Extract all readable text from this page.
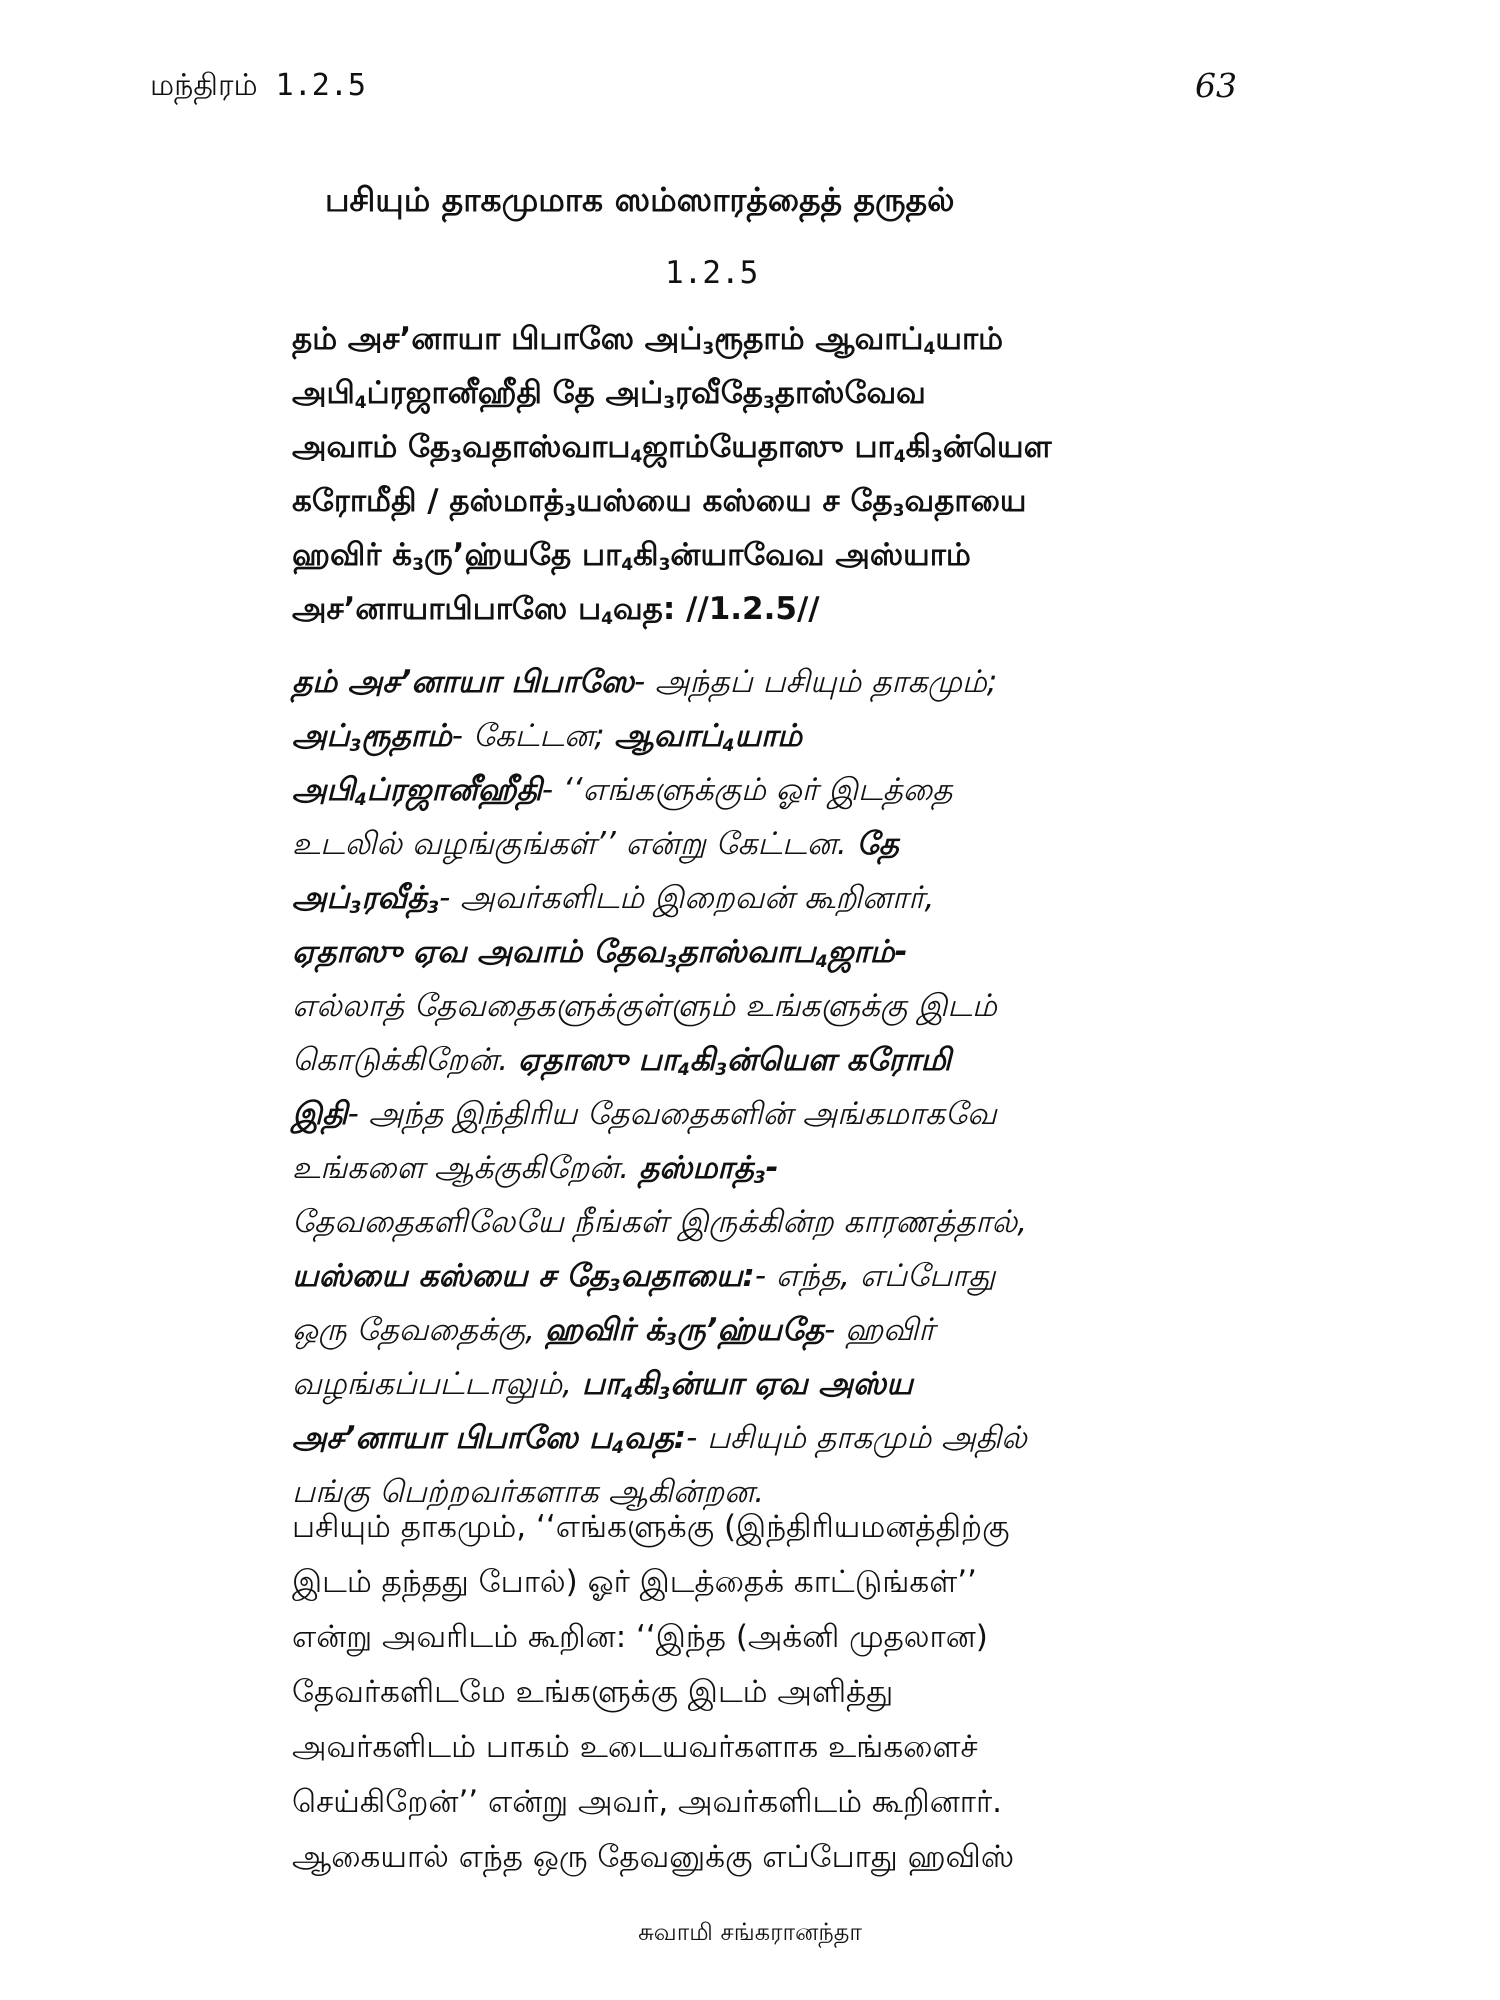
மந்திரம் 1.2.5	63
பசியும் தாகமுமாக ஸம்ஸாரத்தைத் தருதல்
1.2.5
தம் அச’னாயா பிபாஸே $அப்_3ரூதாம்$ $ஆவாப்_4யாம்$
$அபி_4ப்ரஜானீஹீதி$ தே $அப்_3ரவீதே_3தாஸ்வேவ$
அவாம் $தே_3வதாஸ்வாப_4ஜாம்யேதாஸு$ $பா_4கி_3ன்யௌ$
கரோமீதி / $தஸ்மாத்_3யஸ்யை$ கஸ்யை ச $தே_3வதாயை$
ஹவிர் $க்_3ரு’ஹ்யதே$ $பா_4கி_3ன்யாவேவ$ அஸ்யாம்
அச’னாயாபிபாஸே ப$_4$வத: //1.2.5//
தம் அச’னாயா பிபாஸே- அந்தப் பசியும் தாகமும்;
$அப்_3ரூதாம்-$ கேட்டன; $ஆவாப்_4யாம்$
$அபி_4ப்ரஜானீஹீதி-$ ‘‘எங்களுக்கும் ஓர் இடத்தை
உடலில் வழங்குங்கள்’’ என்று கேட்டன. தே
$அப்_3ரவீத்_3-$ அவர்களிடம் இறைவன் கூறினார்,
ஏதாஸு ஏவ அவாம் தேவ$_3$தாஸ்வாப$_4$ஜாம்-
எல்லாத் தேவதைகளுக்குள்ளும் உங்களுக்கு இடம்
கொடுக்கிறேன். ஏதாஸு $பா_4கி_3ன்யௌ$ கரோமி
இதி- அந்த இந்திரிய தேவதைகளின் அங்கமாகவே
உங்களை ஆக்குகிறேன். $தஸ்மாத்_3-$
தேவதைகளிலேயே நீங்கள் இருக்கின்ற காரணத்தால்,
யஸ்யை கஸ்யை ச $தே_3வதாயை:-$ எந்த, எப்போது
ஒரு தேவதைக்கு, ஹவிர் $க்_3ரு’ஹ்யதே-$ ஹவிர்
வழங்கப்பட்டாலும், $பா_4கி_3ன்யா$ ஏவ அஸ்ய
அச’னாயா பிபாஸே ப$_4$வத:- பசியும் தாகமும் அதில்
பங்கு பெற்றவர்களாக ஆகின்றன.
பசியும் தாகமும், ‘‘எங்களுக்கு (இந்திரியமனத்திற்கு
இடம் தந்தது போல்) ஓர் இடத்தைக் காட்டுங்கள்’’
என்று அவரிடம் கூறின: ‘‘இந்த (அக்னி முதலான)
தேவர்களிடமே உங்களுக்கு இடம் அளித்து
அவர்களிடம் பாகம் உடையவர்களாக உங்களைச்
செய்கிறேன்’’ என்று அவர், அவர்களிடம் கூறினார்.
ஆகையால் எந்த ஒரு தேவனுக்கு எப்போது ஹவிஸ்
சுவாமி சங்கரானந்தா
